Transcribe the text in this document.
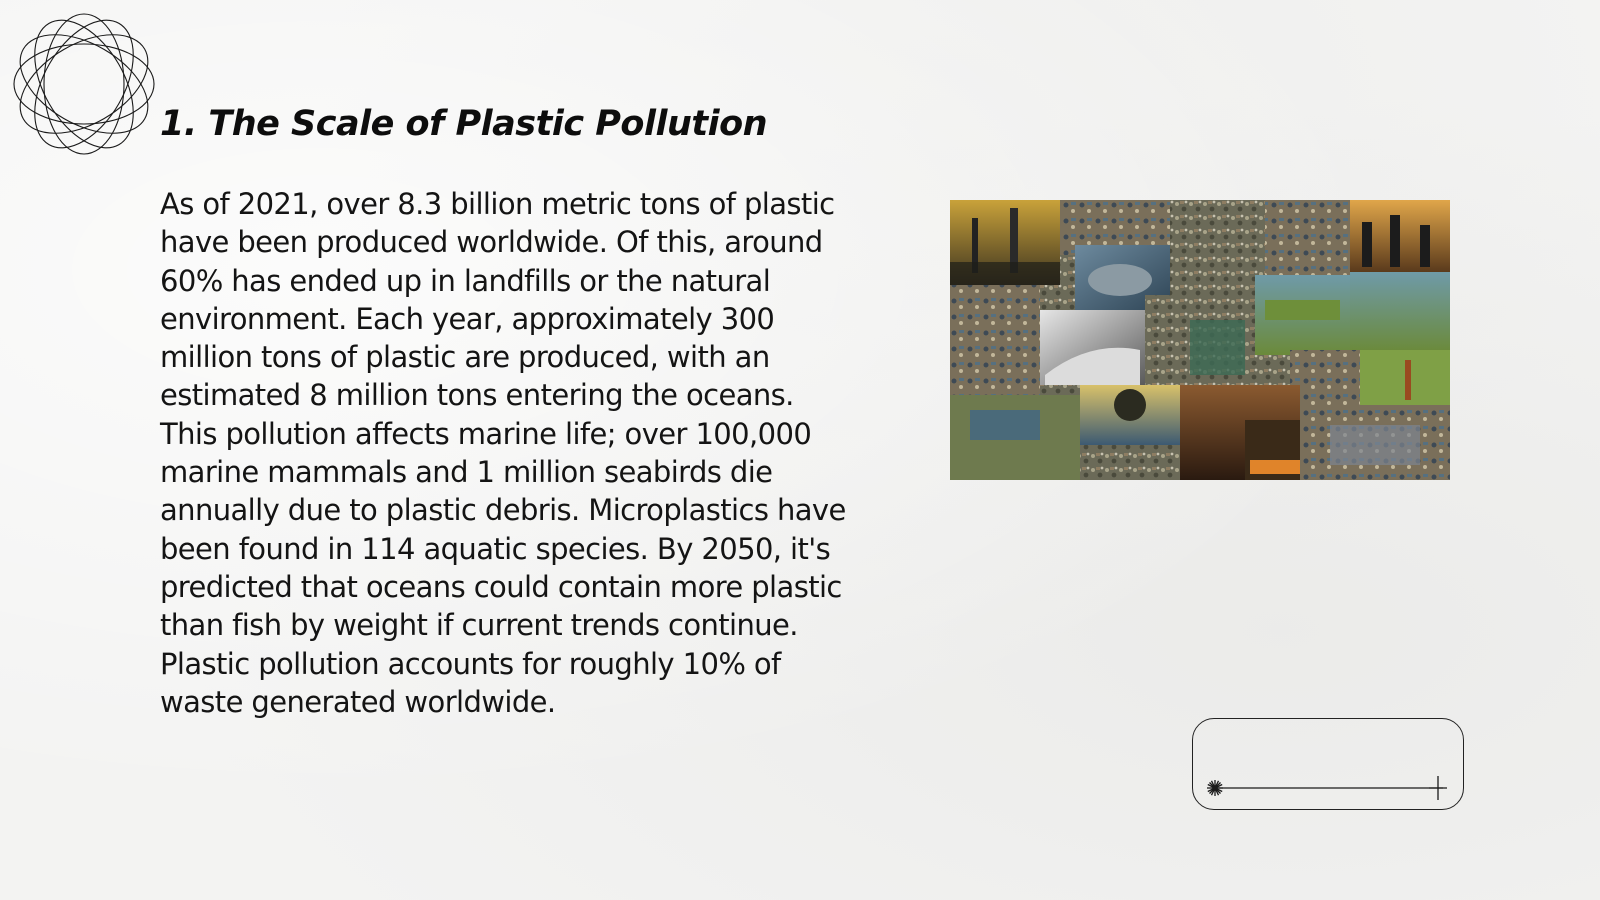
1. The Scale of Plastic Pollution

As of 2021, over 8.3 billion metric tons of plastic have been produced worldwide. Of this, around 60% has ended up in landfills or the natural environment. Each year, approximately 300 million tons of plastic are produced, with an estimated 8 million tons entering the oceans. This pollution affects marine life; over 100,000 marine mammals and 1 million seabirds die annually due to plastic debris. Microplastics have been found in 114 aquatic species. By 2050, it's predicted that oceans could contain more plastic than fish by weight if current trends continue. Plastic pollution accounts for roughly 10% of waste generated worldwide.
